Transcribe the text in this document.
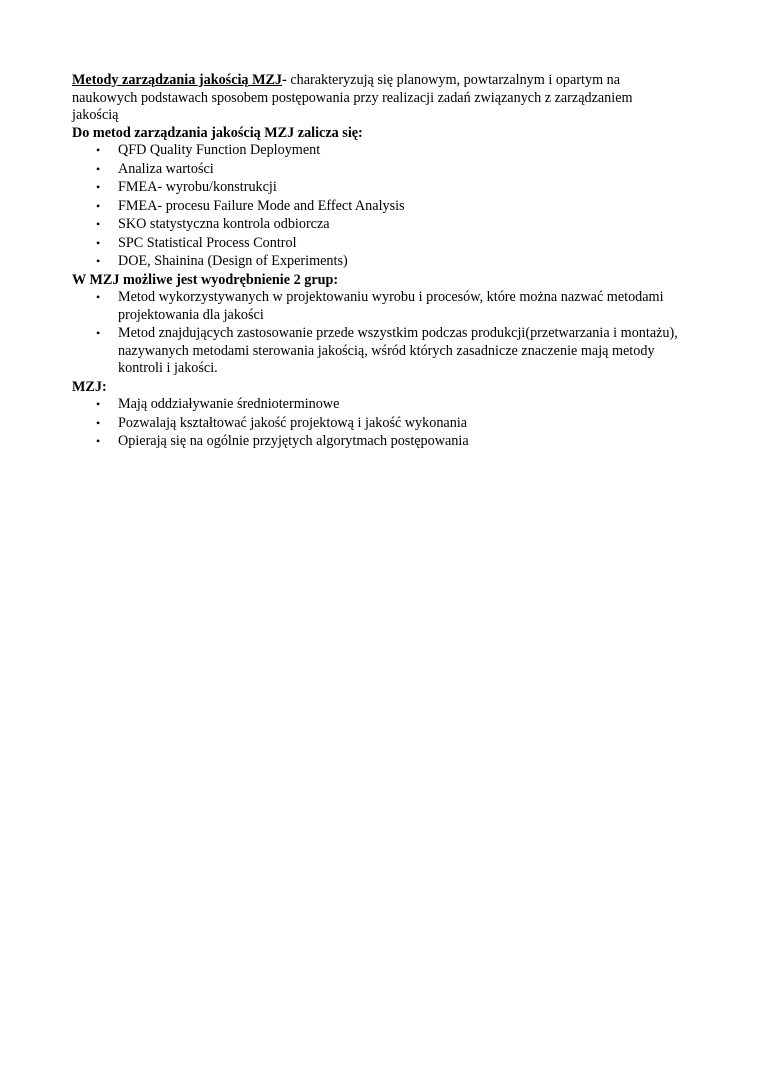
Metody zarządzania jakością MZJ- charakteryzują się planowym, powtarzalnym i opartym na naukowych podstawach sposobem postępowania przy realizacji zadań związanych z zarządzaniem jakością

Do metod zarządzania jakością MZJ zalicza się:

• QFD Quality Function Deployment
• Analiza wartości
• FMEA- wyrobu/konstrukcji
• FMEA- procesu Failure Mode and Effect Analysis
• SKO statystyczna kontrola odbiorcza
• SPC Statistical Process Control
• DOE, Shainina (Design of Experiments)

W MZJ możliwe jest wyodrębnienie 2 grup:

• Metod wykorzystywanych w projektowaniu wyrobu i procesów, które można nazwać metodami projektowania dla jakości
• Metod znajdujących zastosowanie przede wszystkim podczas produkcji(przetwarzania i montażu), nazywanych metodami sterowania jakością, wśród których zasadnicze znaczenie mają metody kontroli i jakości.

MZJ:

• Mają oddziaływanie średnioterminowe
• Pozwalają kształtować jakość projektową i jakość wykonania
• Opierają się na ogólnie przyjętych algorytmach postępowania
